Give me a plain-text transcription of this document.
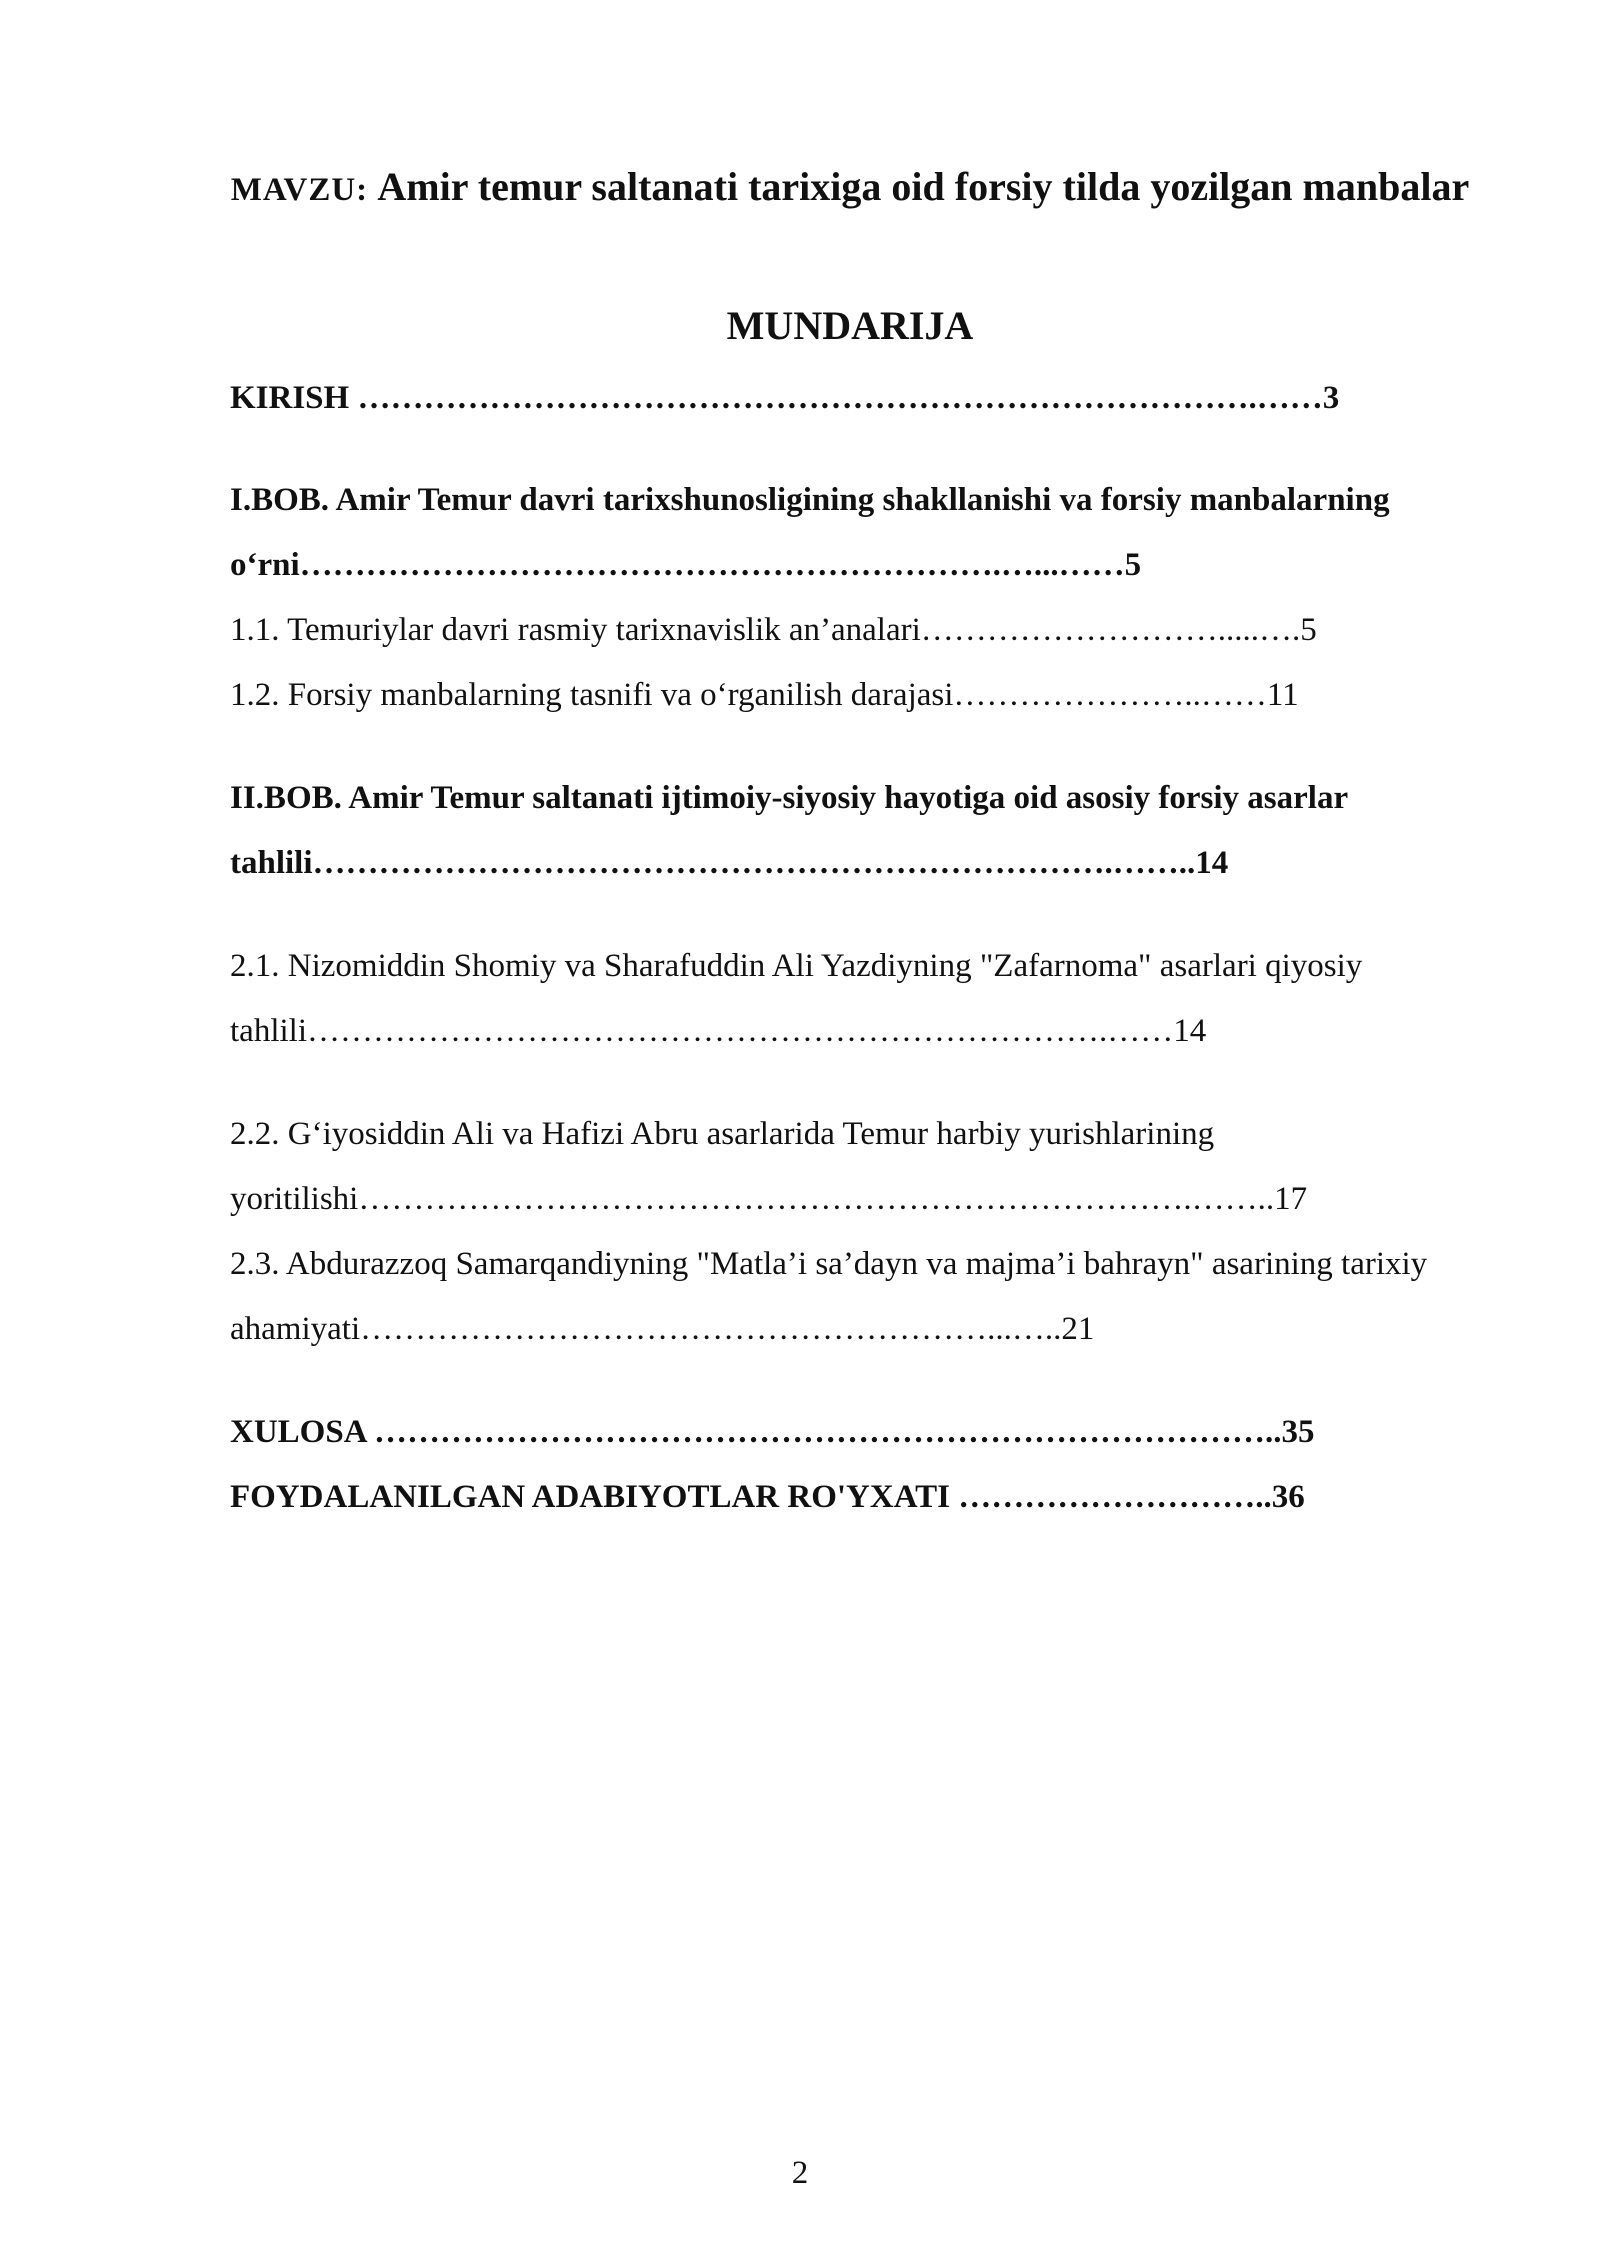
MAVZU: Amir temur saltanati tarixiga oid forsiy tilda yozilgan manbalar
MUNDARIJA
KIRISH ……………………………………………………………………….……3
I.BOB. Amir Temur davri tarixshunosligining shakllanishi va forsiy manbalarning o‘rni……………………………………………………….…...……5
1.1. Temuriylar davri rasmiy tarixnavislik an’analari……………………….....….5
1.2. Forsiy manbalarning tasnifi va o‘rganilish darajasi…………………..……11
II.BOB. Amir Temur saltanati ijtimoiy-siyosiy hayotiga oid asosiy forsiy asarlar tahlili……………………………………………………………….……..14
2.1. Nizomiddin Shomiy va Sharafuddin Ali Yazdiyning "Zafarnoma" asarlari qiyosiy tahlili……………………………………………………………….……14
2.2. G‘iyosiddin Ali va Hafizi Abru asarlarida Temur harbiy yurishlarining yoritilishi………………………………………………………………….……..17
2.3. Abdurazzoq Samarqandiyning "Matla’i sa’dayn va majma’i bahrayn" asarining tarixiy ahamiyati…………………………………………………...…..21
XULOSA ………………………………………………………………………..35
FOYDALANILGAN ADABIYOTLAR RO'YXATI ………………………..36
2
